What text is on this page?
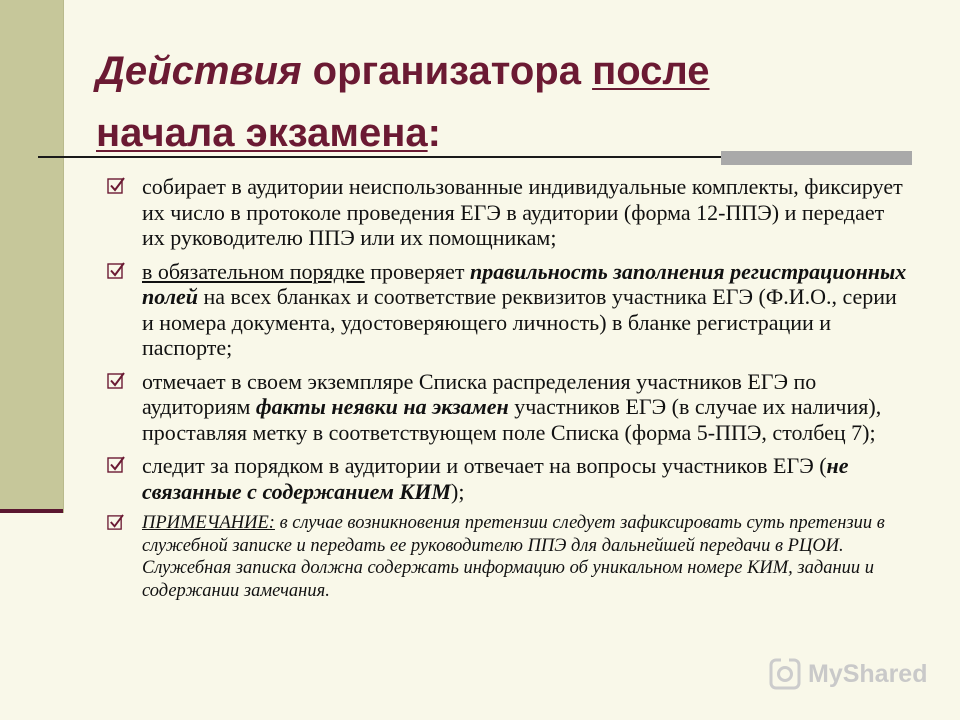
Действия организатора после
начала экзамена:
собирает в аудитории неиспользованные индивидуальные комплекты, фиксирует их число в протоколе проведения ЕГЭ в аудитории (форма 12-ППЭ) и передает их руководителю ППЭ или их помощникам;
в обязательном порядке проверяет правильность заполнения регистрационных полей на всех бланках и соответствие реквизитов участника ЕГЭ (Ф.И.О., серии и номера документа, удостоверяющего личность) в бланке регистрации и паспорте;
отмечает в своем экземпляре Списка распределения участников ЕГЭ по аудиториям факты неявки на экзамен участников ЕГЭ (в случае их наличия), проставляя метку в соответствующем поле Списка (форма 5-ППЭ, столбец 7);
следит за порядком в аудитории и отвечает на вопросы участников ЕГЭ (не связанные с содержанием КИМ);
ПРИМЕЧАНИЕ: в случае возникновения претензии следует зафиксировать суть претензии в служебной записке и передать ее руководителю ППЭ для дальнейшей передачи в РЦОИ. Служебная записка должна содержать информацию об уникальном номере КИМ, задании и содержании замечания.
MyShared
